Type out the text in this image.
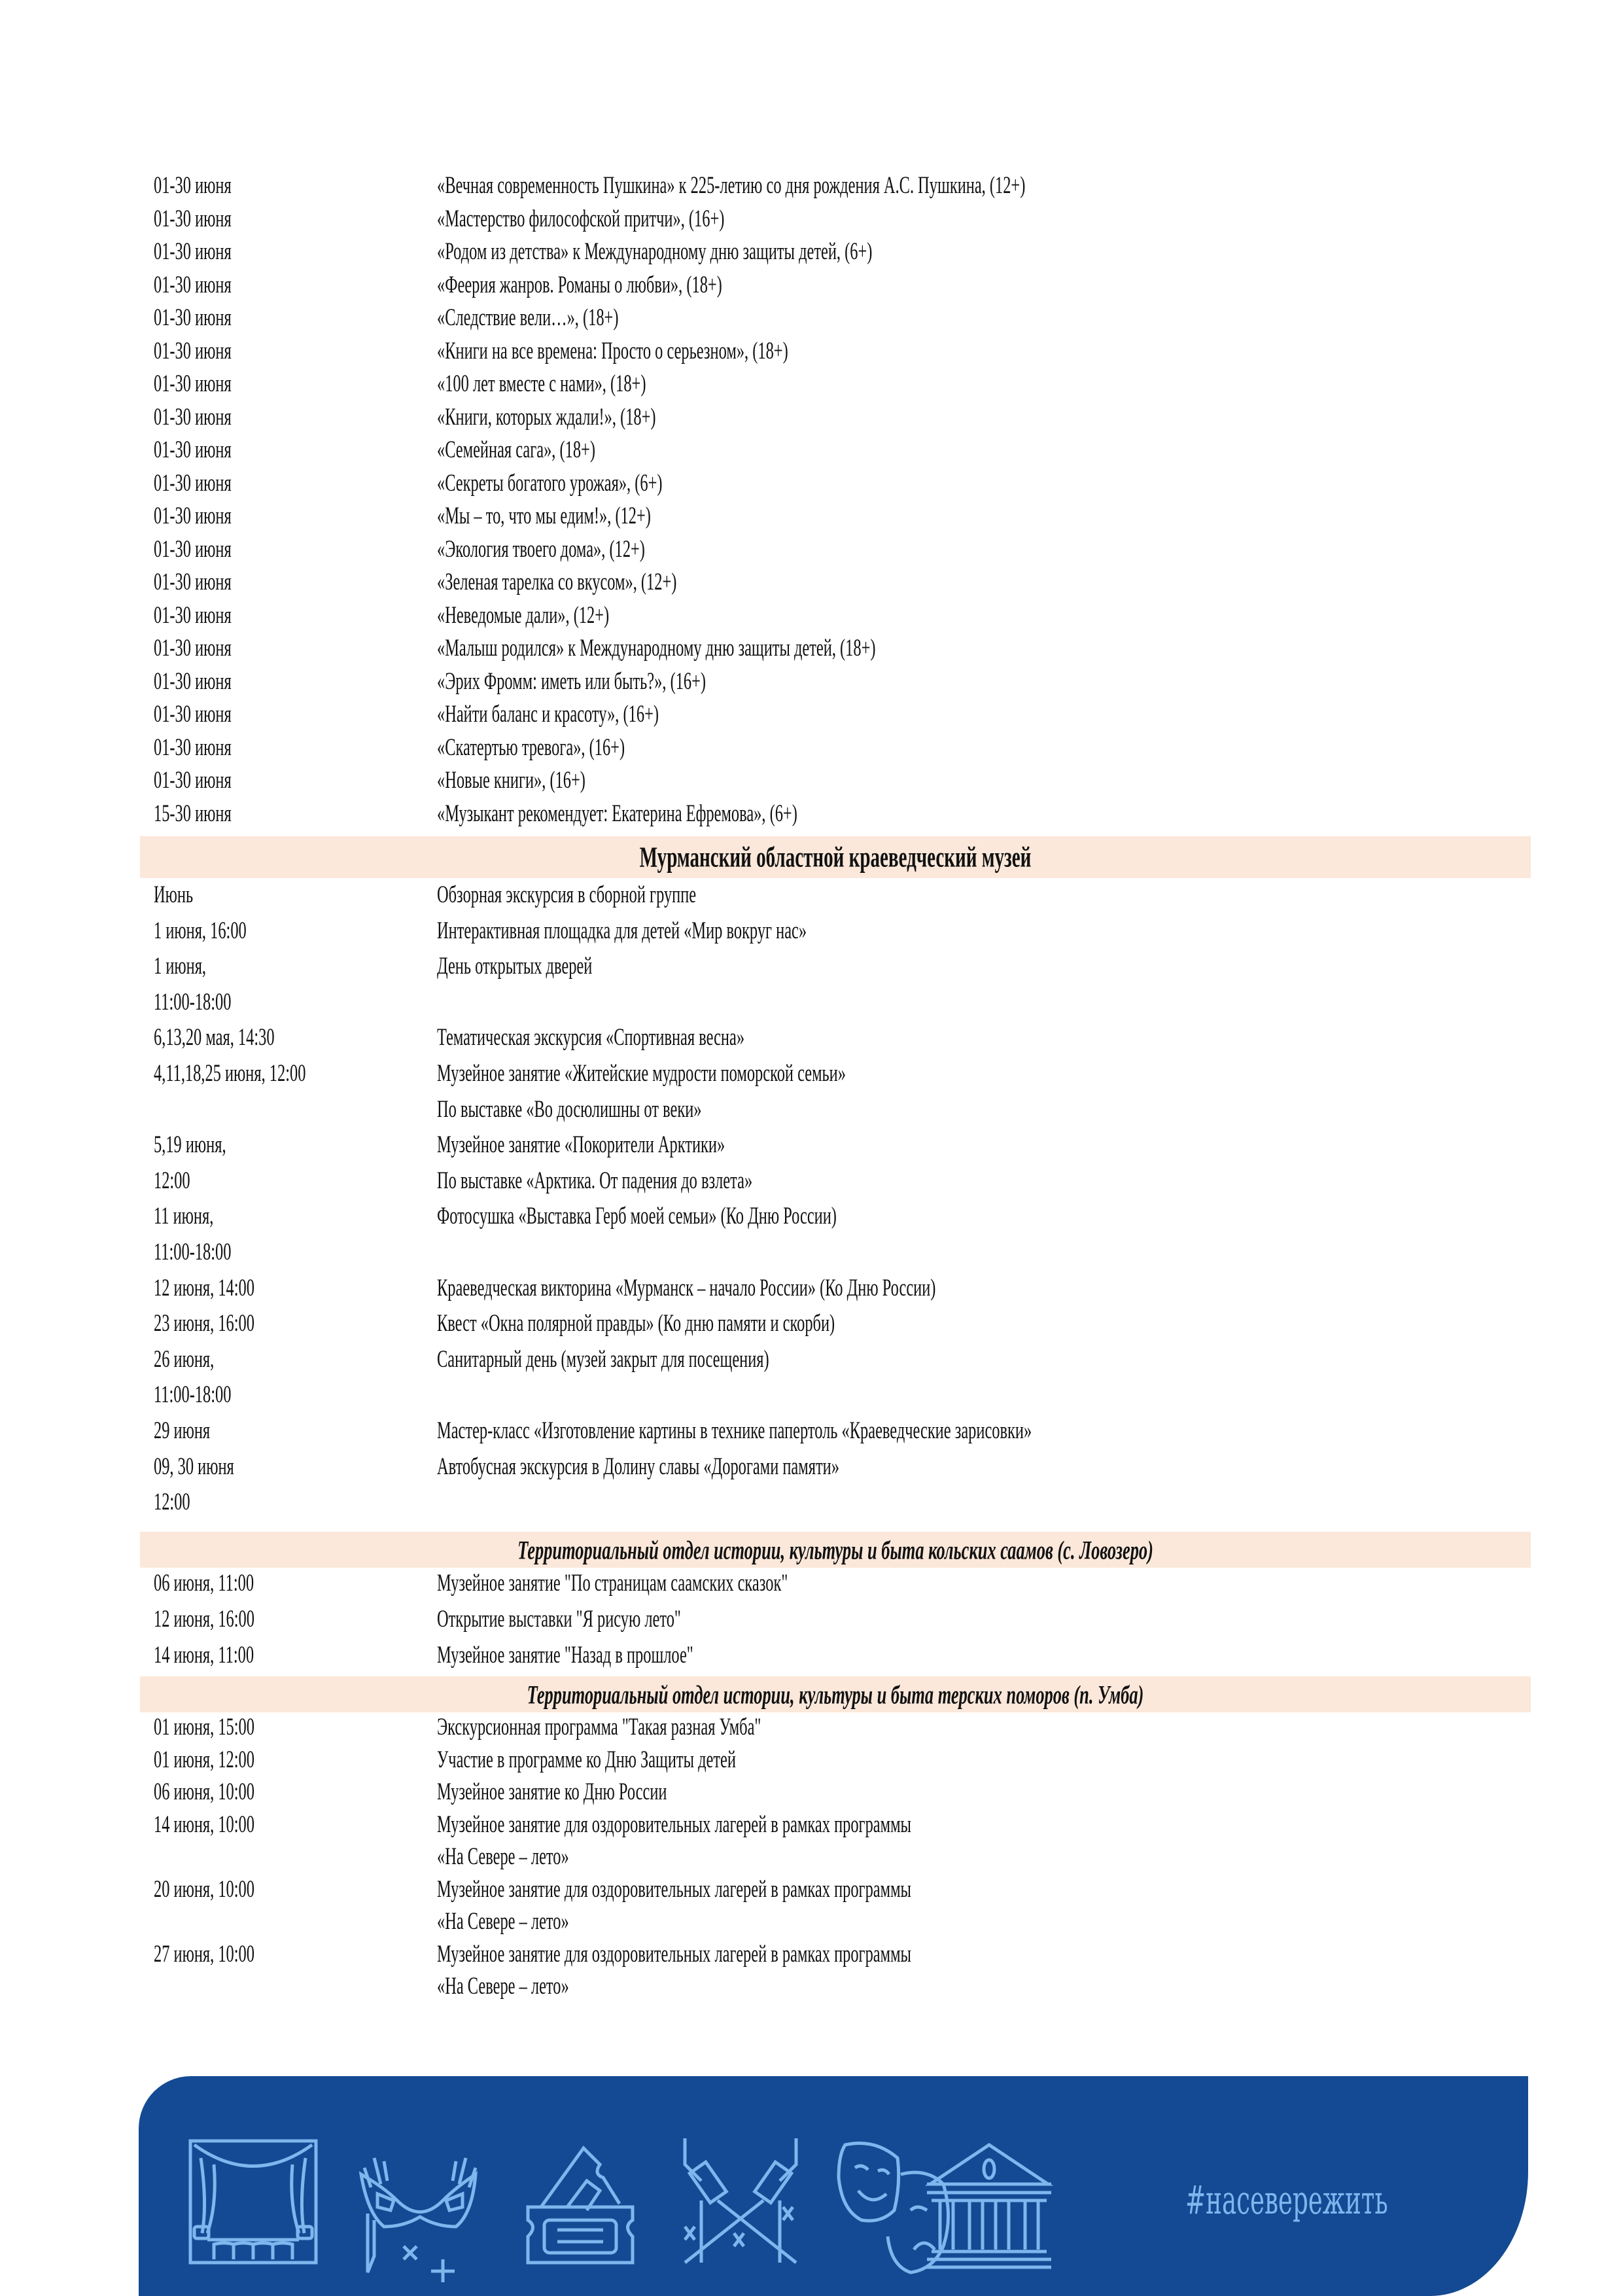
01-30 июня	«Вечная современность Пушкина» к 225-летию со дня рождения А.С. Пушкина, (12+)
01-30 июня	«Мастерство философской притчи», (16+)
01-30 июня	«Родом из детства» к Международному дню защиты детей, (6+)
01-30 июня	«Феерия жанров. Романы о любви», (18+)
01-30 июня	«Следствие вели…», (18+)
01-30 июня	«Книги на все времена: Просто о серьезном», (18+)
01-30 июня	«100 лет вместе с нами», (18+)
01-30 июня	«Книги, которых ждали!», (18+)
01-30 июня	«Семейная сага», (18+)
01-30 июня	«Секреты богатого урожая», (6+)
01-30 июня	«Мы – то, что мы едим!», (12+)
01-30 июня	«Экология твоего дома», (12+)
01-30 июня	«Зеленая тарелка со вкусом», (12+)
01-30 июня	«Неведомые дали», (12+)
01-30 июня	«Малыш родился» к Международному дню защиты детей, (18+)
01-30 июня	«Эрих Фромм: иметь или быть?», (16+)
01-30 июня	«Найти баланс и красоту», (16+)
01-30 июня	«Скатертью тревога», (16+)
01-30 июня	«Новые книги», (16+)
15-30 июня	«Музыкант рекомендует: Екатерина Ефремова», (6+)
Мурманский областной краеведческий музей
Июнь	Обзорная экскурсия в сборной группе
1 июня, 16:00	Интерактивная площадка для детей «Мир вокруг нас»
1 июня,	День открытых дверей
11:00-18:00
6,13,20 мая, 14:30	Тематическая экскурсия «Спортивная весна»
4,11,18,25 июня, 12:00	Музейное занятие «Житейские мудрости поморской семьи»
По выставке «Во досюлишны от веки»
5,19 июня,	Музейное занятие «Покорители Арктики»
12:00	По выставке «Арктика. От падения до взлета»
11 июня,	Фотосушка «Выставка Герб моей семьи» (Ко Дню России)
11:00-18:00
12 июня, 14:00	Краеведческая викторина «Мурманск – начало России» (Ко Дню России)
23 июня, 16:00	Квест «Окна полярной правды» (Ко дню памяти и скорби)
26 июня,	Санитарный день (музей закрыт для посещения)
11:00-18:00
29 июня	Мастер-класс «Изготовление картины в технике папертоль «Краеведческие зарисовки»
09, 30 июня	Автобусная экскурсия в Долину славы «Дорогами памяти»
12:00
Территориальный отдел истории, культуры и быта кольских саамов (с. Ловозеро)
06 июня, 11:00	Музейное занятие "По страницам саамских сказок"
12 июня, 16:00	Открытие выставки "Я рисую лето"
14 июня, 11:00	Музейное занятие "Назад в прошлое"
Территориальный отдел истории, культуры и быта терских поморов (п. Умба)
01 июня, 15:00	Экскурсионная программа "Такая разная Умба"
01 июня, 12:00	Участие в программе ко Дню Защиты детей
06 июня, 10:00	Музейное занятие ко Дню России
14 июня, 10:00	Музейное занятие для оздоровительных лагерей в рамках программы
«На Севере – лето»
20 июня, 10:00	Музейное занятие для оздоровительных лагерей в рамках программы
«На Севере – лето»
27 июня, 10:00	Музейное занятие для оздоровительных лагерей в рамках программы
«На Севере – лето»
#насевережить
